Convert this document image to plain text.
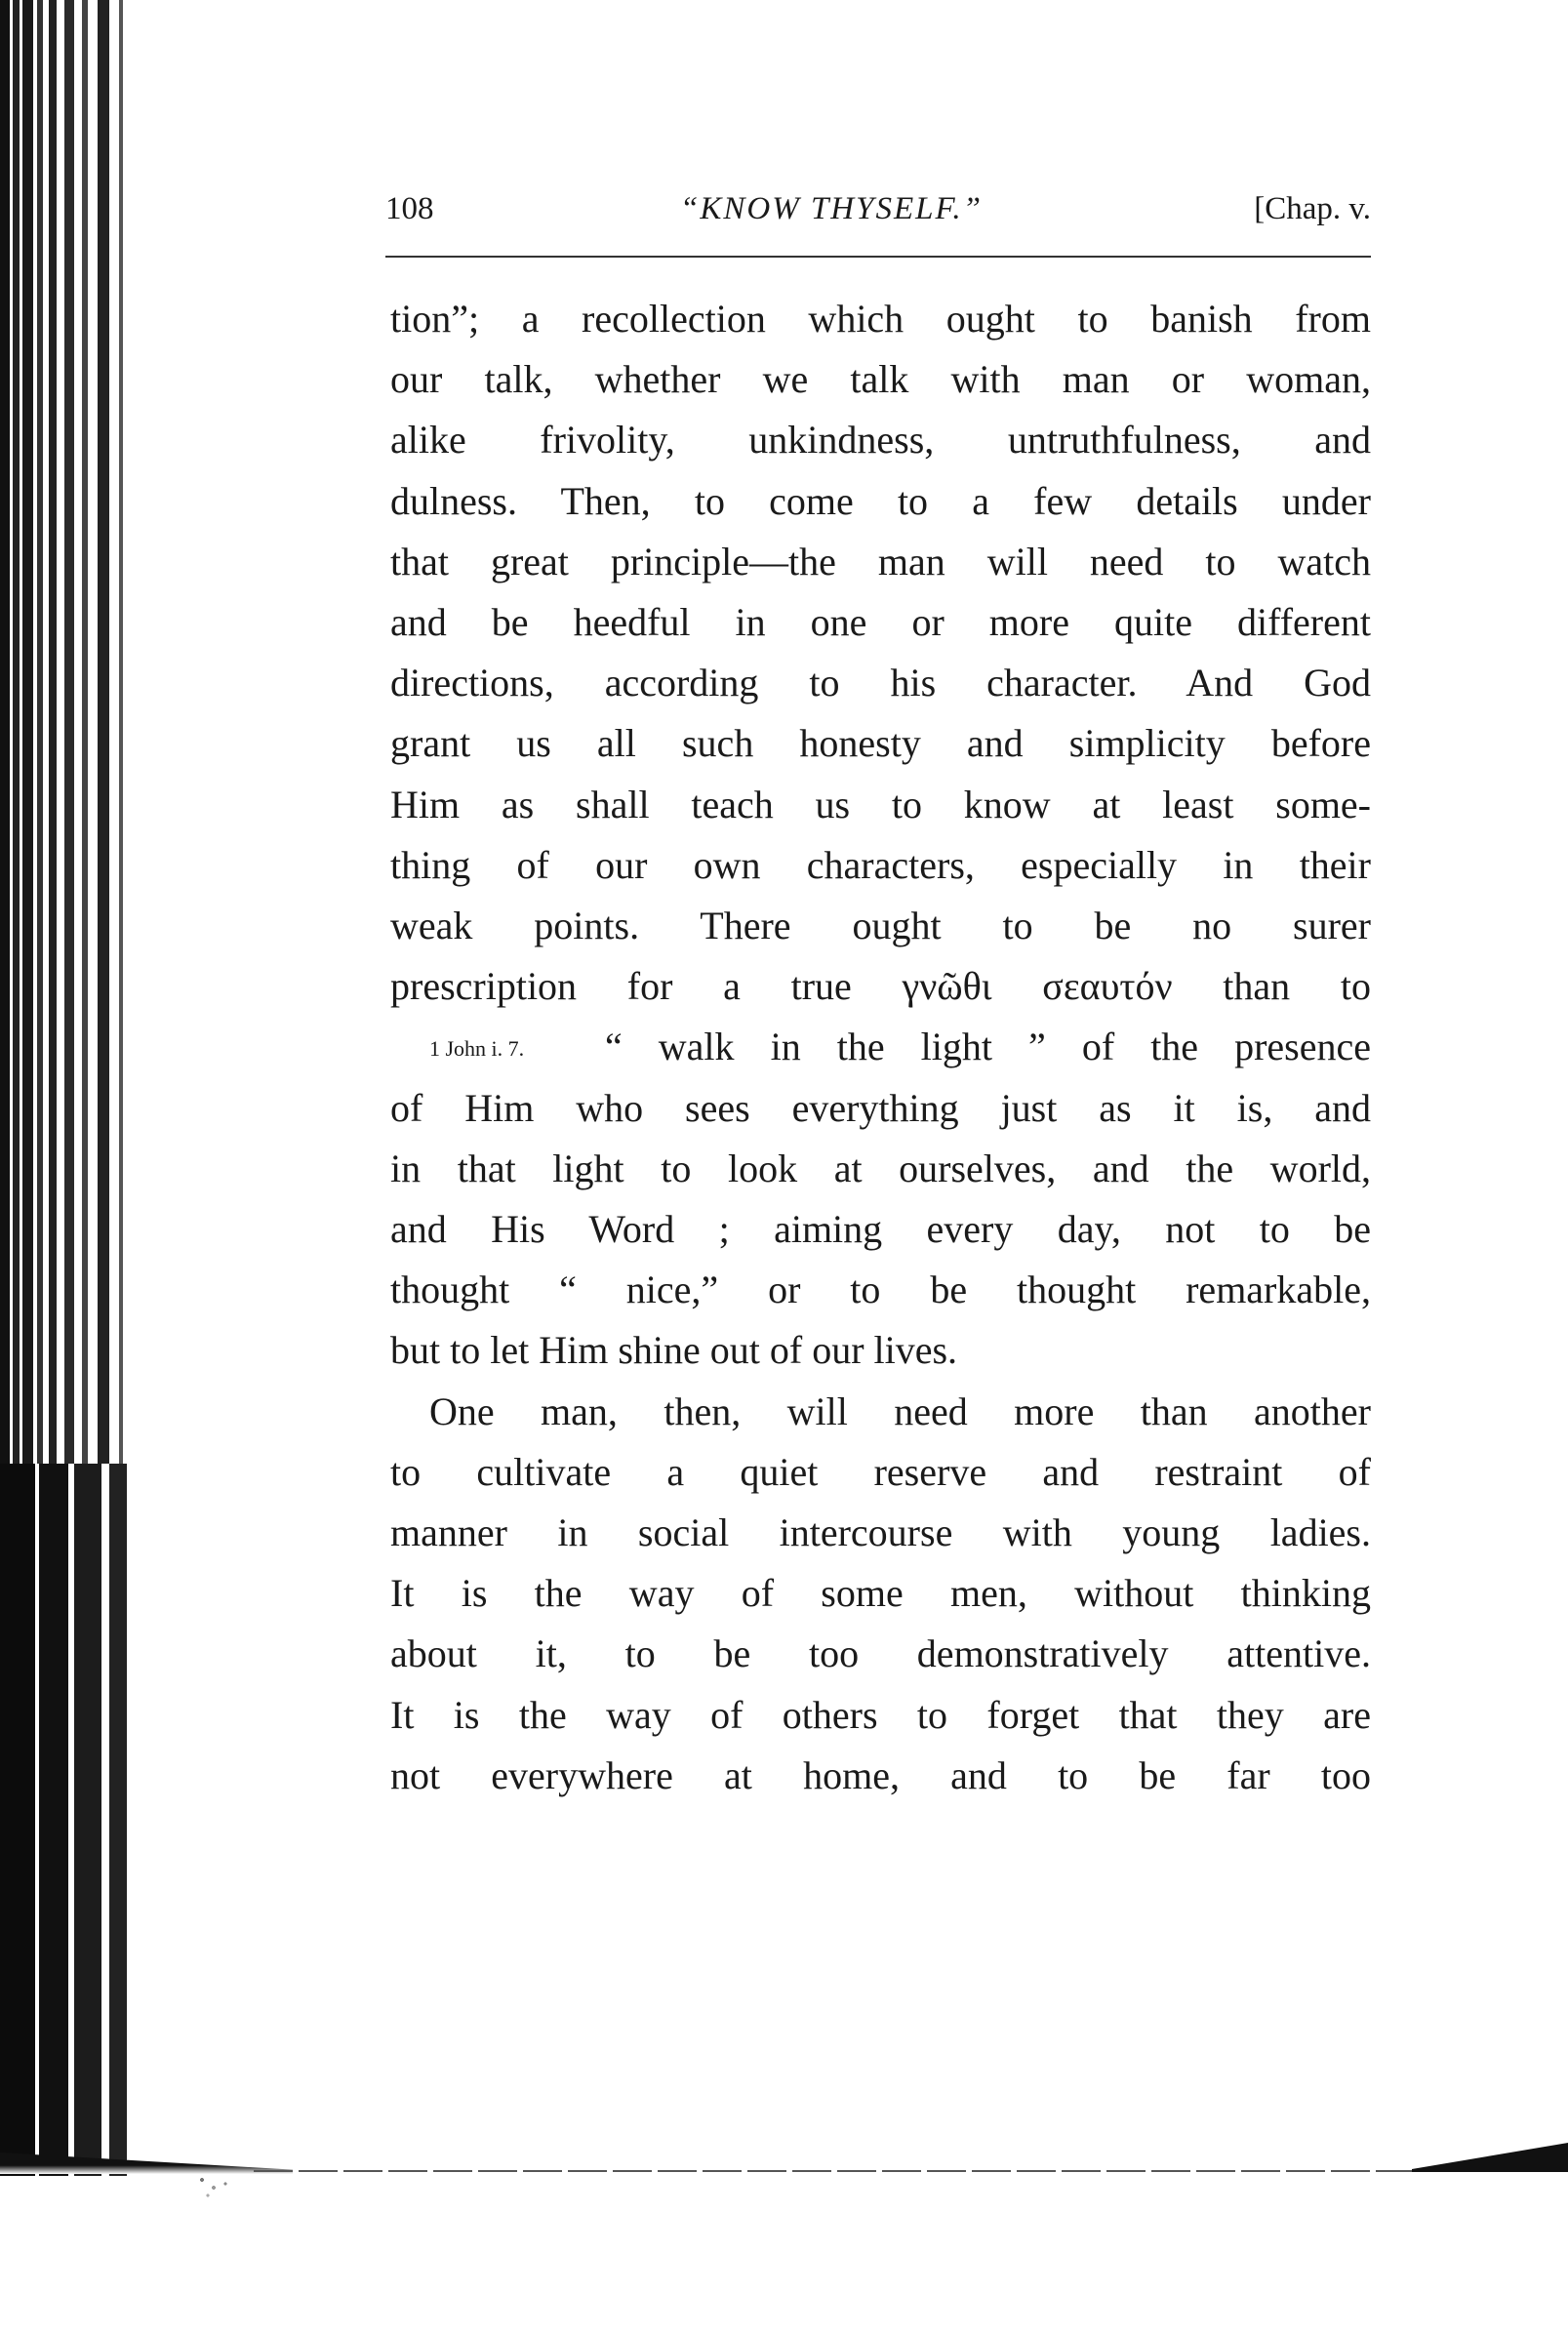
108	“KNOW THYSELF.”	[Chap. v.
1 John i. 7.

tion”; a recollection which ought to banish from

our talk, whether we talk with man or woman,

alike frivolity, unkindness, untruthfulness, and

dulness. Then, to come to a few details under

that great principle—the man will need to watch

and be heedful in one or more quite different

directions, according to his character. And God

grant us all such honesty and simplicity before

Him as shall teach us to know at least some-

thing of our own characters, especially in their

weak points. There ought to be no surer

prescription for a true γνῶθι σεαυτόν than to

“ walk in the light ” of the presence

of Him who sees everything just as it is, and

in that light to look at ourselves, and the world,

and His Word ; aiming every day, not to be

thought “ nice,” or to be thought remarkable,

but to let Him shine out of our lives.

One man, then, will need more than another

to cultivate a quiet reserve and restraint of

manner in social intercourse with young ladies.

It is the way of some men, without thinking

about it, to be too demonstratively attentive.

It is the way of others to forget that they are

not everywhere at home, and to be far too
